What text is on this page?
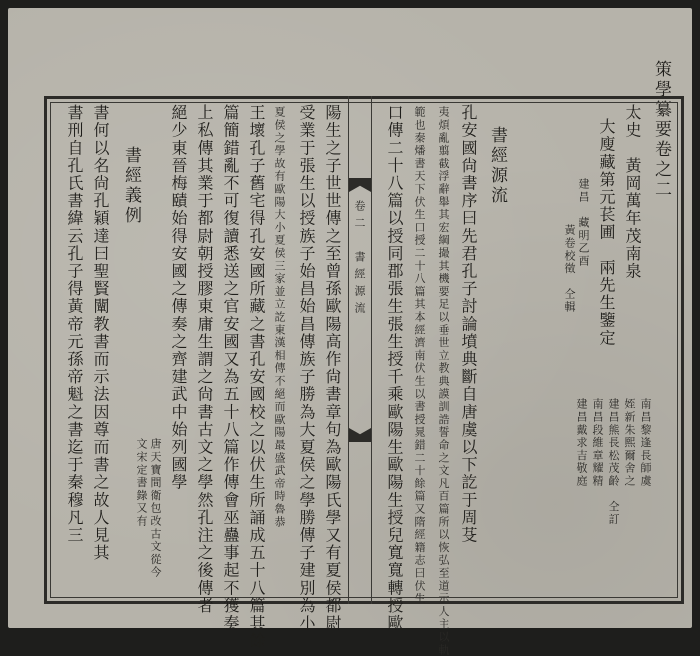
策學纂要卷之二
卷二　書經源流	太史　黃岡萬年茂南泉
大廋藏第元苌圃　兩先生鑒定
建昌　藏明乙酉
黃卷校徵　仝輯
南昌黎逢長師虞
姪新朱熙爾舍之
建昌熊長松茂齡　仝訂
南昌段維章耀精
建昌戴求吉敬庭
書經源流
孔安國尙書序曰先君孔子討論墳典斷自唐虞以下訖于周芟
夷煩亂翦截浮辭舉其宏綱撮其機要足以垂世立教典謨訓誥誓命之文凡百篇所以恢弘至道示人主以軌
範也秦燔書天下伏生口授二十八篇其本經濟南伏生以書授晁錯二十餘篇又隋經籍志曰伏生
口傳二十八篇以授同郡張生張生授千乘歐陽生歐陽生授兒寬寬轉授歐
陽生之子世世傳之至曾孫歐陽高作尙書章句為歐陽氏學又有夏侯都尉
受業于張生以授族子始昌始昌傳族子勝為大夏侯之學勝傳子建別為小
夏侯之學故有歐陽大小夏侯三家並立訖東漢相傳不絕而歐陽最盛武帝時魯恭
王壞孔子舊宅得孔安國所藏之書孔安國校之以伏生所誦成五十八篇其餘
篇簡錯亂不可復讀悉送之官安國又為五十八篇作傳會巫蠱事起不獲奏
上私傳其業于都尉朝授膠東庸生謂之尙書古文之學然孔注之後傳者
絕少東晉梅賾始得安國之傳奏之齊建武中始列國學
書經義例
書何以名尙孔穎達曰聖賢闡教書而示法因尊而書之故人見其
書刑自孔氏書緯云孔子得黃帝元孫帝魁之書迄于秦穆凡三	唐天寶間衛包改古文從今
文宋定書錄又有
